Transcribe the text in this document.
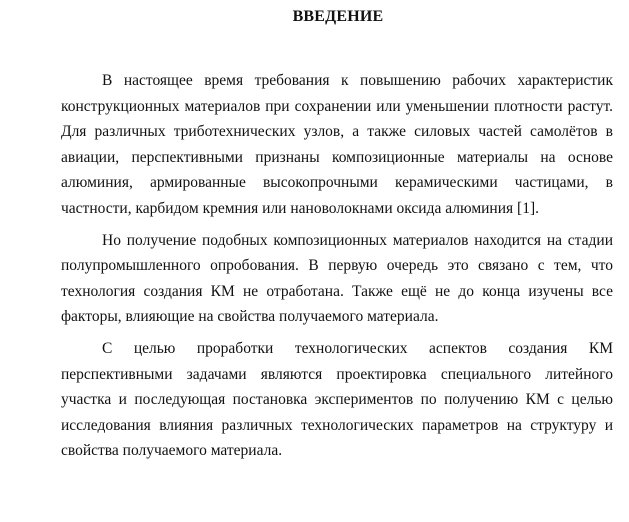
ВВЕДЕНИЕ

В настоящее время требования к повышению рабочих характеристик конструкционных материалов при сохранении или уменьшении плотности растут. Для различных триботехнических узлов, а также силовых частей самолётов в авиации, перспективными признаны композиционные материалы на основе алюминия, армированные высокопрочными керамическими частицами, в частности, карбидом кремния или нановолокнами оксида алюминия [1].

Но получение подобных композиционных материалов находится на стадии полупромышленного опробования. В первую очередь это связано с тем, что технология создания КМ не отработана. Также ещё не до конца изучены все факторы, влияющие на свойства получаемого материала.

С целью проработки технологических аспектов создания КМ перспективными задачами являются проектировка специального литейного участка и последующая постановка экспериментов по получению КМ с целью исследования влияния различных технологических параметров на структуру и свойства получаемого материала.
